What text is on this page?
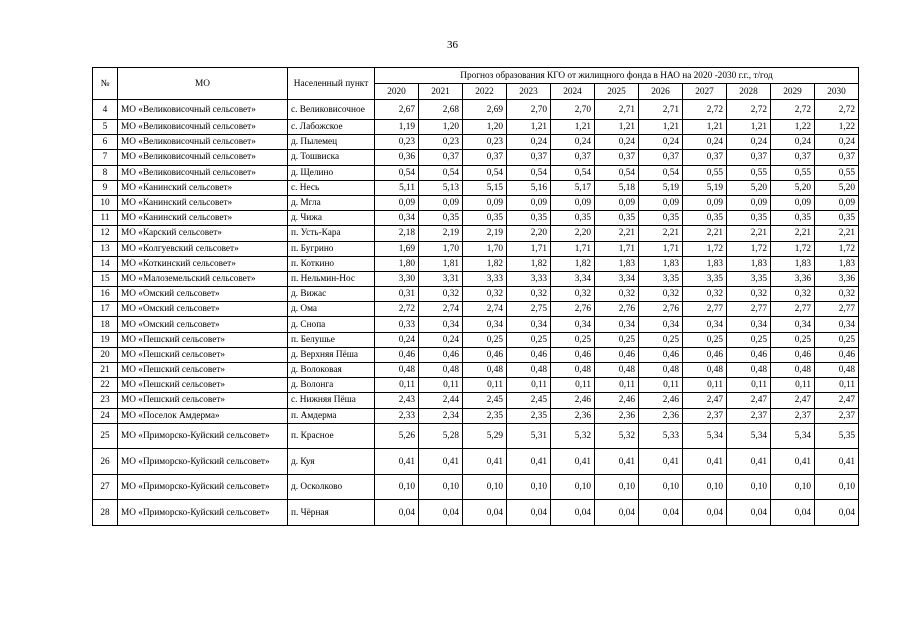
36
№	МО	Населенный пункт	Прогноз образования КГО от жилищного фонда в НАО на 2020 -2030 г.г., т/год										
			2020	2021	2022	2023	2024	2025	2026	2027	2028	2029	2030
4	МО «Великовисочный сельсовет»	с. Великовисочное	2,67	2,68	2,69	2,70	2,70	2,71	2,71	2,72	2,72	2,72	2,72
5	МО «Великовисочный сельсовет»	с. Лабожское	1,19	1,20	1,20	1,21	1,21	1,21	1,21	1,21	1,21	1,22	1,22
6	МО «Великовисочный сельсовет»	д. Пылемец	0,23	0,23	0,23	0,24	0,24	0,24	0,24	0,24	0,24	0,24	0,24
7	МО «Великовисочный сельсовет»	д. Тошвиска	0,36	0,37	0,37	0,37	0,37	0,37	0,37	0,37	0,37	0,37	0,37
8	МО «Великовисочный сельсовет»	д. Щелино	0,54	0,54	0,54	0,54	0,54	0,54	0,54	0,55	0,55	0,55	0,55
9	МО «Канинский сельсовет»	с. Несь	5,11	5,13	5,15	5,16	5,17	5,18	5,19	5,19	5,20	5,20	5,20
10	МО «Канинский сельсовет»	д. Мгла	0,09	0,09	0,09	0,09	0,09	0,09	0,09	0,09	0,09	0,09	0,09
11	МО «Канинский сельсовет»	д. Чижа	0,34	0,35	0,35	0,35	0,35	0,35	0,35	0,35	0,35	0,35	0,35
12	МО «Карский сельсовет»	п. Усть-Кара	2,18	2,19	2,19	2,20	2,20	2,21	2,21	2,21	2,21	2,21	2,21
13	МО «Колгуевский сельсовет»	п. Бугрино	1,69	1,70	1,70	1,71	1,71	1,71	1,71	1,72	1,72	1,72	1,72
14	МО «Коткинский сельсовет»	п. Коткино	1,80	1,81	1,82	1,82	1,82	1,83	1,83	1,83	1,83	1,83	1,83
15	МО «Малоземельский сельсовет»	п. Нельмин-Нос	3,30	3,31	3,33	3,33	3,34	3,34	3,35	3,35	3,35	3,36	3,36
16	МО «Омский сельсовет»	д. Вижас	0,31	0,32	0,32	0,32	0,32	0,32	0,32	0,32	0,32	0,32	0,32
17	МО «Омский сельсовет»	д. Ома	2,72	2,74	2,74	2,75	2,76	2,76	2,76	2,77	2,77	2,77	2,77
18	МО «Омский сельсовет»	д. Снопа	0,33	0,34	0,34	0,34	0,34	0,34	0,34	0,34	0,34	0,34	0,34
19	МО «Пешский сельсовет»	п. Белушье	0,24	0,24	0,25	0,25	0,25	0,25	0,25	0,25	0,25	0,25	0,25
20	МО «Пешский сельсовет»	д. Верхняя Пёша	0,46	0,46	0,46	0,46	0,46	0,46	0,46	0,46	0,46	0,46	0,46
21	МО «Пешский сельсовет»	д. Волоковая	0,48	0,48	0,48	0,48	0,48	0,48	0,48	0,48	0,48	0,48	0,48
22	МО «Пешский сельсовет»	д. Волонга	0,11	0,11	0,11	0,11	0,11	0,11	0,11	0,11	0,11	0,11	0,11
23	МО «Пешский сельсовет»	с. Нижняя Пёша	2,43	2,44	2,45	2,45	2,46	2,46	2,46	2,47	2,47	2,47	2,47
24	МО «Поселок Амдерма»	п. Амдерма	2,33	2,34	2,35	2,35	2,36	2,36	2,36	2,37	2,37	2,37	2,37
25	МО «Приморско-Куйский сельсовет»	п. Красное	5,26	5,28	5,29	5,31	5,32	5,32	5,33	5,34	5,34	5,34	5,35
26	МО «Приморско-Куйский сельсовет»	д. Куя	0,41	0,41	0,41	0,41	0,41	0,41	0,41	0,41	0,41	0,41	0,41
27	МО «Приморско-Куйский сельсовет»	д. Осколково	0,10	0,10	0,10	0,10	0,10	0,10	0,10	0,10	0,10	0,10	0,10
28	МО «Приморско-Куйский сельсовет»	п. Чёрная	0,04	0,04	0,04	0,04	0,04	0,04	0,04	0,04	0,04	0,04	0,04
